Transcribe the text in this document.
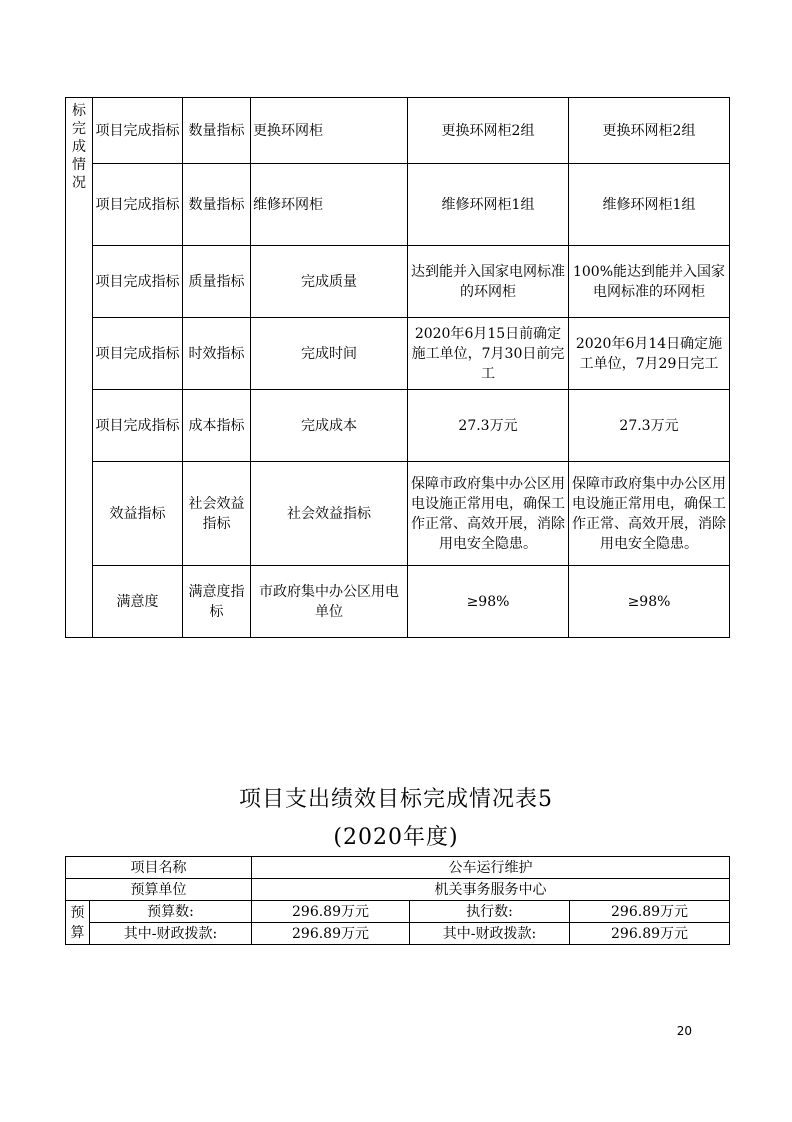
标
完
成
情
况	项目完成指标	数量指标	更换环网柜	更换环网柜2组	更换环网柜2组
	项目完成指标	数量指标	维修环网柜	维修环网柜1组	维修环网柜1组
	项目完成指标	质量指标	完成质量	达到能并入国家电网标准的环网柜	100%能达到能并入国家电网标准的环网柜
	项目完成指标	时效指标	完成时间	2020年6月15日前确定施工单位，7月30日前完工	2020年6月14日确定施工单位，7月29日完工
	项目完成指标	成本指标	完成成本	27.3万元	27.3万元
	效益指标	社会效益指标	社会效益指标	保障市政府集中办公区用电设施正常用电，确保工作正常、高效开展，消除用电安全隐患。	保障市政府集中办公区用电设施正常用电，确保工作正常、高效开展，消除用电安全隐患。
	满意度	满意度指标	市政府集中办公区用电单位	≥98%	≥98%
项目支出绩效目标完成情况表5
(2020年度)
项目名称		公车运行维护		
预算单位		机关事务服务中心		

预
算	预算数:	296.89万元	执行数:	296.89万元
	其中-财政拨款:	296.89万元	其中-财政拨款:	296.89万元
20
